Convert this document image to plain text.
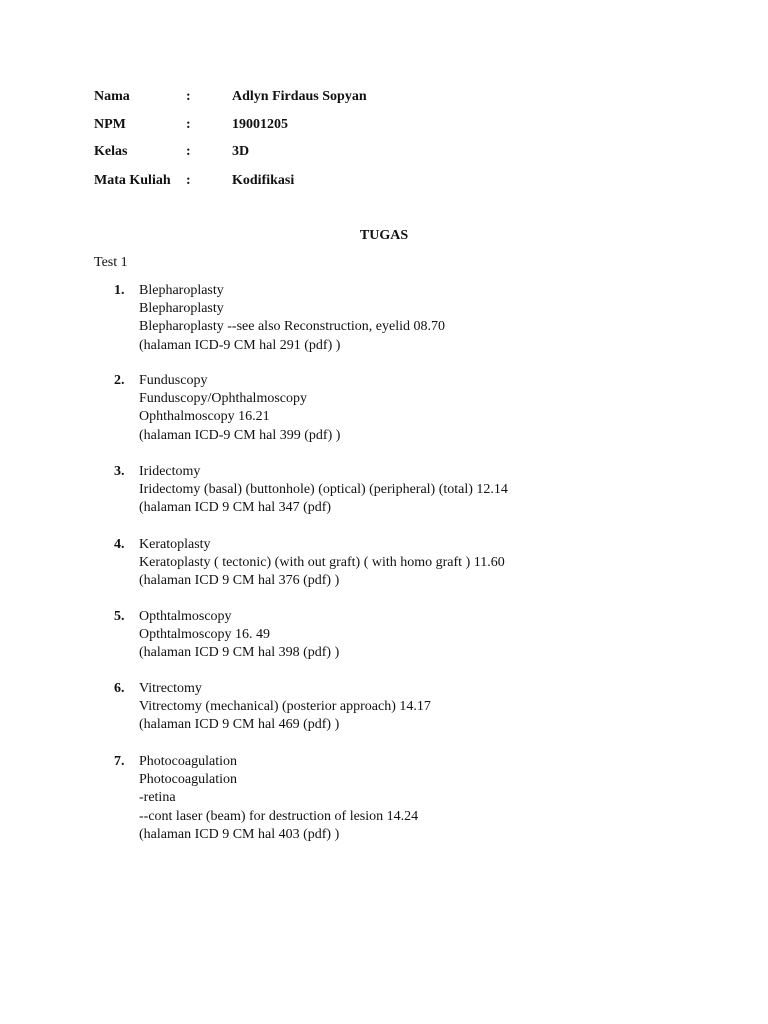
Nama	:	Adlyn Firdaus Sopyan
NPM	:	19001205
Kelas	:	3D
Mata Kuliah :	Kodifikasi
TUGAS
Test 1
1.	Blepharoplasty
Blepharoplasty
Blepharoplasty --see also Reconstruction, eyelid 08.70
(halaman ICD-9 CM hal 291 (pdf) )
2.	Funduscopy
Funduscopy/Ophthalmoscopy
Ophthalmoscopy 16.21
(halaman ICD-9 CM hal 399 (pdf) )
3.	Iridectomy
Iridectomy (basal) (buttonhole) (optical) (peripheral) (total) 12.14
(halaman ICD 9 CM hal 347 (pdf)
4.	Keratoplasty
Keratoplasty ( tectonic) (with out graft) ( with homo graft ) 11.60
(halaman ICD 9 CM hal 376 (pdf) )
5.	Opthtalmoscopy
Opthtalmoscopy 16. 49
(halaman ICD 9 CM hal 398 (pdf) )
6.	Vitrectomy
Vitrectomy (mechanical) (posterior approach) 14.17
(halaman ICD 9 CM hal 469 (pdf) )
7.	Photocoagulation
Photocoagulation
-retina
--cont laser (beam) for destruction of lesion 14.24
(halaman ICD 9 CM hal 403 (pdf) )
